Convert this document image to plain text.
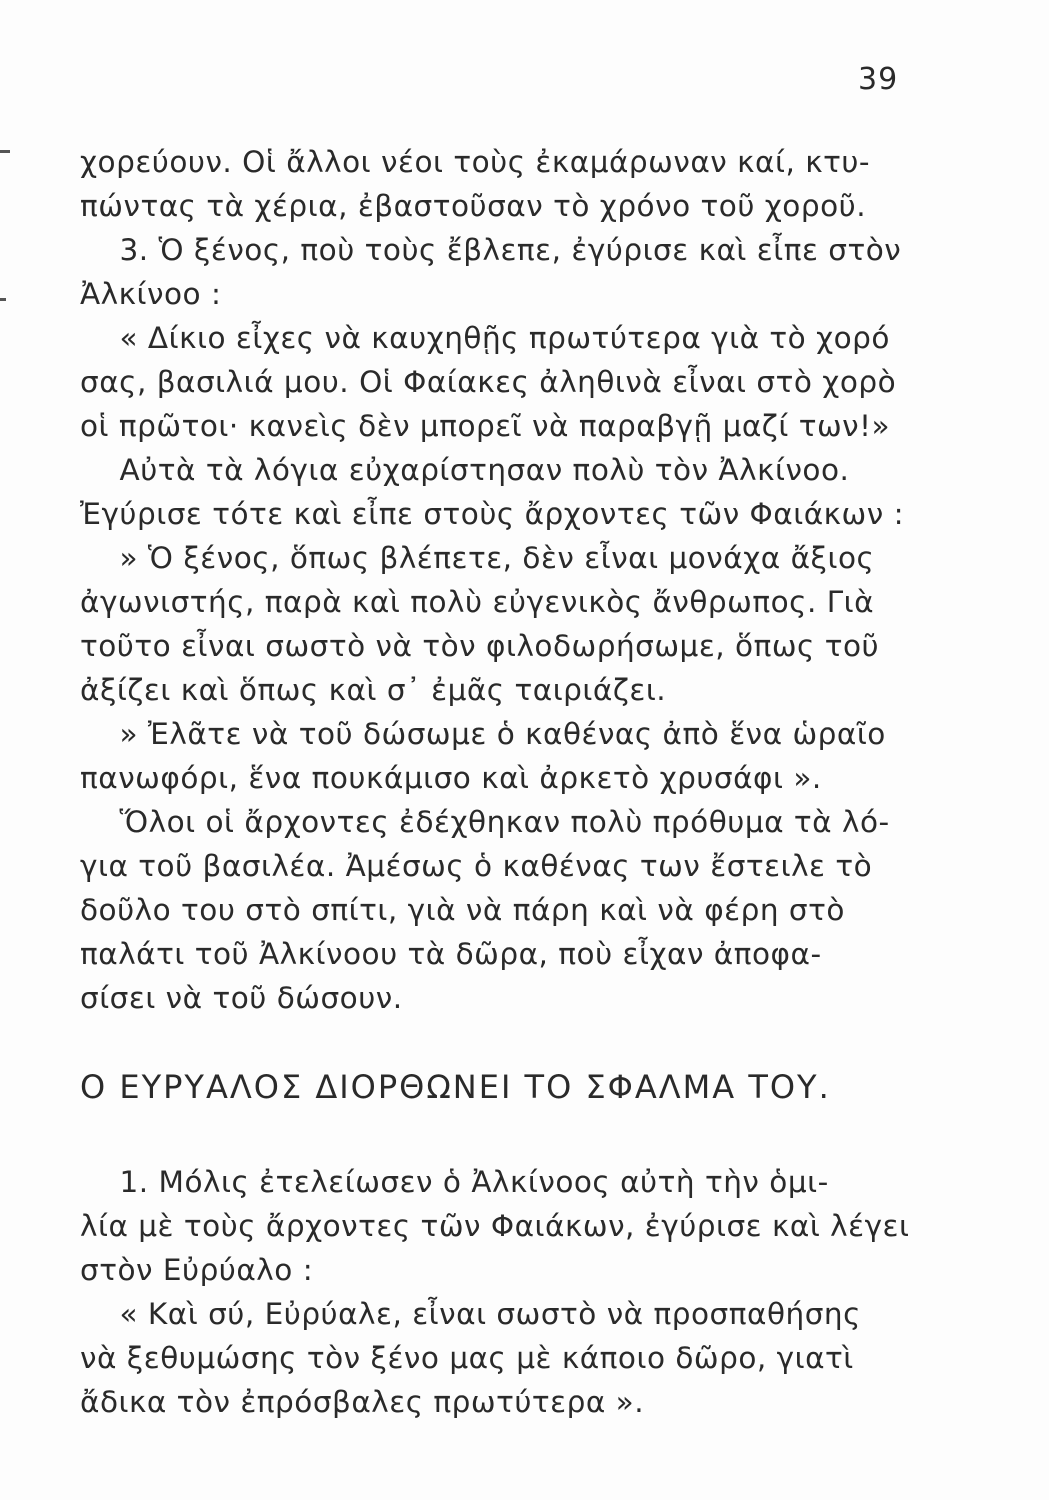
39

χορεύουν. Οἱ ἄλλοι νέοι τοὺς ἐκαμάρωναν καί, κτυ-

πώντας τὰ χέρια, ἐβαστοῦσαν τὸ χρόνο τοῦ χοροῦ.

3. Ὁ ξένος, ποὺ τοὺς ἔβλεπε, ἐγύρισε καὶ εἶπε στὸν

Ἀλκίνοο :

« Δίκιο εἶχες νὰ καυχηθῇς πρωτύτερα γιὰ τὸ χορό

σας, βασιλιά μου. Οἱ Φαίακες ἀληθινὰ εἶναι στὸ χορὸ

οἱ πρῶτοι· κανεὶς δὲν μπορεῖ νὰ παραβγῇ μαζί των!»

Αὐτὰ τὰ λόγια εὐχαρίστησαν πολὺ τὸν Ἀλκίνοο.

Ἐγύρισε τότε καὶ εἶπε στοὺς ἄρχοντες τῶν Φαιάκων :

» Ὁ ξένος, ὅπως βλέπετε, δὲν εἶναι μονάχα ἄξιος

ἀγωνιστής, παρὰ καὶ πολὺ εὐγενικὸς ἄνθρωπος. Γιὰ

τοῦτο εἶναι σωστὸ νὰ τὸν φιλοδωρήσωμε, ὅπως τοῦ

ἀξίζει καὶ ὅπως καὶ σ᾽ ἐμᾶς ταιριάζει.

» Ἐλᾶτε νὰ τοῦ δώσωμε ὁ καθένας ἀπὸ ἕνα ὡραῖο

πανωφόρι, ἕνα πουκάμισο καὶ ἀρκετὸ χρυσάφι ».

Ὅλοι οἱ ἄρχοντες ἐδέχθηκαν πολὺ πρόθυμα τὰ λό-

για τοῦ βασιλέα. Ἀμέσως ὁ καθένας των ἔστειλε τὸ

δοῦλο του στὸ σπίτι, γιὰ νὰ πάρη καὶ νὰ φέρη στὸ

παλάτι τοῦ Ἀλκίνοου τὰ δῶρα, ποὺ εἶχαν ἀποφα-

σίσει νὰ τοῦ δώσουν.

Ο ΕΥΡΥΑΛΟΣ ΔΙΟΡΘΩΝΕΙ ΤΟ ΣΦΑΛΜΑ ΤΟΥ.

1. Μόλις ἐτελείωσεν ὁ Ἀλκίνοος αὐτὴ τὴν ὁμι-

λία μὲ τοὺς ἄρχοντες τῶν Φαιάκων, ἐγύρισε καὶ λέγει

στὸν Εὐρύαλο :

« Καὶ σύ, Εὐρύαλε, εἶναι σωστὸ νὰ προσπαθήσης

νὰ ξεθυμώσης τὸν ξένο μας μὲ κάποιο δῶρο, γιατὶ

ἄδικα τὸν ἐπρόσβαλες πρωτύτερα ».
